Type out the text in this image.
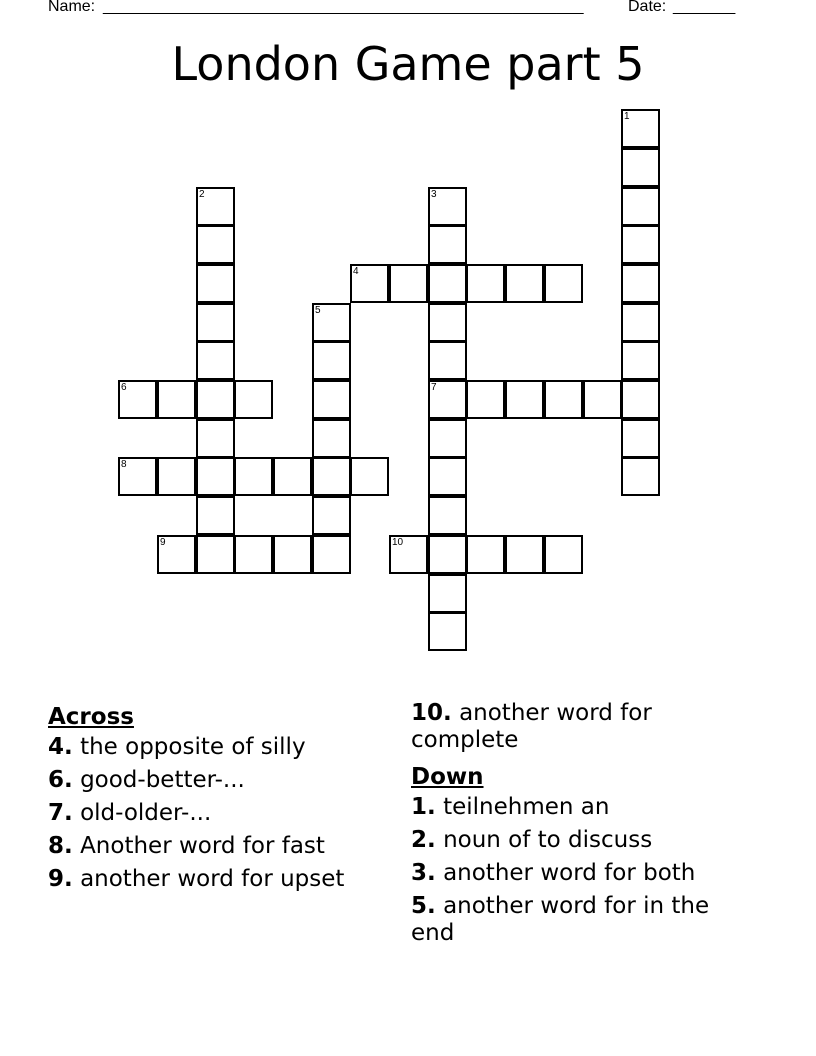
Name: ______________________________________________________	Date: _______
London Game part 5
1
2	3
4
5
6	7
8
9	10

Across

4. the opposite of silly

6. good-better-...

7. old-older-...

8. Another word for fast

9. another word for upset

10. another word for complete

Down

1. teilnehmen an

2. noun of to discuss

3. another word for both

5. another word for in the end
